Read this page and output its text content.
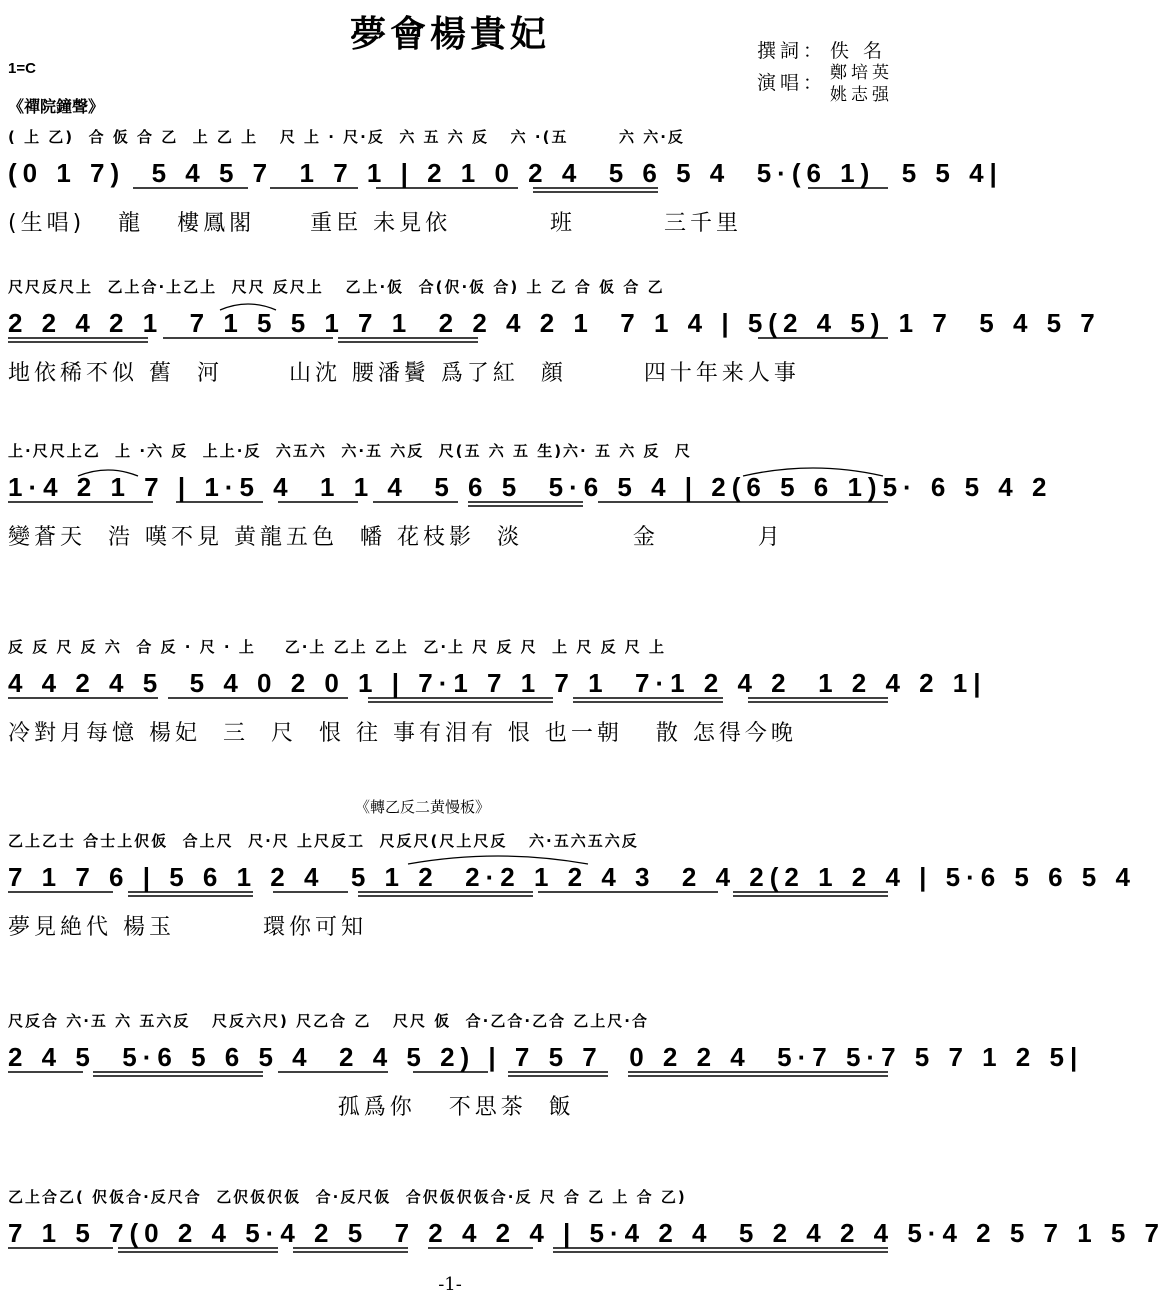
夢會楊貴妃	撰詞： 佚 名
演唱： 鄭培英
姚志强
1=C
《禪院鐘聲》
《轉乙反二黄慢板》
( 上 乙)  合 仮 合 乙  上 乙 上   尺 上 · 尺·反  六 五 六 反   六 ·(五       六 六·反
(0 1 7)  5 4 5 7  1 7 1 | 2 1 0 2 4  5 6 5 4  5·(6 1)  5 5 4|
(生唱)   龍   樓鳳閣     重臣 未見依         班        三千里
尺尺反尺上  乙上合·上乙上  尺尺 反尺上   乙上·仮  合(伬·仮 合) 上 乙 合 仮 合 乙
2 2 4 2 1  7 1 5 5 1 7 1  2 2 4 2 1  7 1 4 | 5(2 4 5) 1 7  5 4 5 7
地依稀不似 舊  河      山沈 腰潘鬢 爲了紅  顔       四十年来人事
上·尺尺上乙  上 ·六 反  上上·反  六五六  六·五 六反  尺(五 六 五 生)六· 五 六 反  尺
1·4 2 1 7 | 1·5 4  1 1 4  5 6 5  5·6 5 4 | 2(6 5 6 1)5· 6 5 4 2
變蒼天  浩 嘆不見 黄龍五色  幡 花枝影  淡          金         月
反 反 尺 反 六  合 反 · 尺 · 上    乙·上 乙上 乙上  乙·上 尺 反 尺  上 尺 反 尺 上
4 4 2 4 5  5 4 0 2 0 1 | 7·1 7 1 7 1  7·1 2 4 2  1 2 4 2 1|
冷對月每憶 楊妃  三  尺  恨 往 事有泪有 恨 也一朝   散 怎得今晚
乙上乙士 合士上伬仮  合上尺  尺·尺 上尺反工  尺反尺(尺上尺反   六·五六五六反
7 1 7 6 | 5 6 1 2 4  5 1 2  2·2 1 2 4 3  2 4 2(2 1 2 4 | 5·6 5 6 5 4
夢見絶代 楊玉        環你可知
尺反合 六·五 六 五六反   尺反六尺) 尺乙合 乙   尺尺 仮  合·乙合·乙合 乙上尺·合
2 4 5  5·6 5 6 5 4  2 4 5 2) | 7 5 7  0 2 2 4  5·7 5·7 5 7 1 2 5|
孤爲你   不思茶  飯
乙上合乙( 伬仮合·反尺合  乙伬仮伬仮  合·反尺仮  合伬仮伬仮合·反 尺 合 乙 上 合 乙)
7 1 5 7(0 2 4 5·4 2 5  7 2 4 2 4 | 5·4 2 4  5 2 4 2 4 5·4 2 5 7 1 5 7
-1-
